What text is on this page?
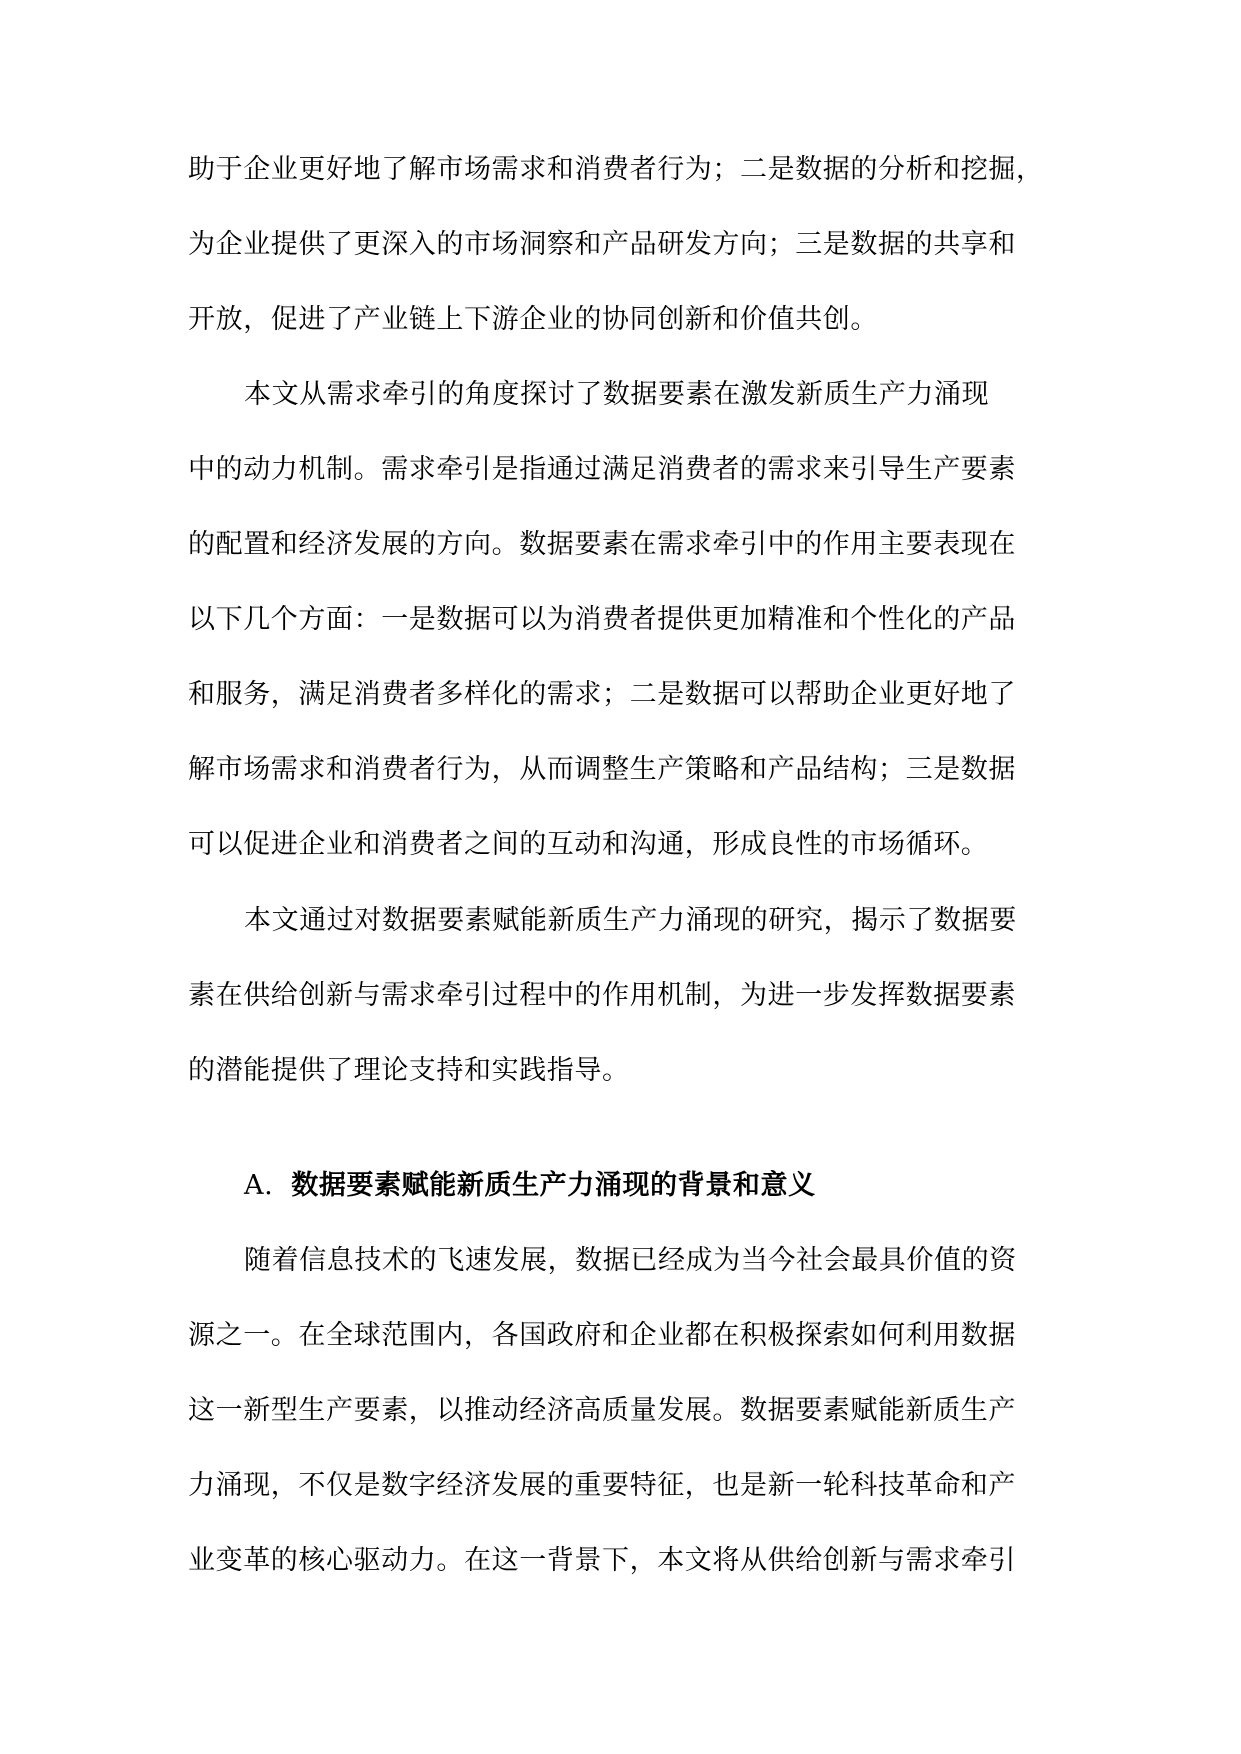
助于企业更好地了解市场需求和消费者行为；二是数据的分析和挖掘，
为企业提供了更深入的市场洞察和产品研发方向；三是数据的共享和
开放，促进了产业链上下游企业的协同创新和价值共创。
本文从需求牵引的角度探讨了数据要素在激发新质生产力涌现
中的动力机制。需求牵引是指通过满足消费者的需求来引导生产要素
的配置和经济发展的方向。数据要素在需求牵引中的作用主要表现在
以下几个方面：一是数据可以为消费者提供更加精准和个性化的产品
和服务，满足消费者多样化的需求；二是数据可以帮助企业更好地了
解市场需求和消费者行为，从而调整生产策略和产品结构；三是数据
可以促进企业和消费者之间的互动和沟通，形成良性的市场循环。
本文通过对数据要素赋能新质生产力涌现的研究，揭示了数据要
素在供给创新与需求牵引过程中的作用机制，为进一步发挥数据要素
的潜能提供了理论支持和实践指导。
A. 数据要素赋能新质生产力涌现的背景和意义
随着信息技术的飞速发展，数据已经成为当今社会最具价值的资
源之一。在全球范围内，各国政府和企业都在积极探索如何利用数据
这一新型生产要素，以推动经济高质量发展。数据要素赋能新质生产
力涌现，不仅是数字经济发展的重要特征，也是新一轮科技革命和产
业变革的核心驱动力。在这一背景下，本文将从供给创新与需求牵引
